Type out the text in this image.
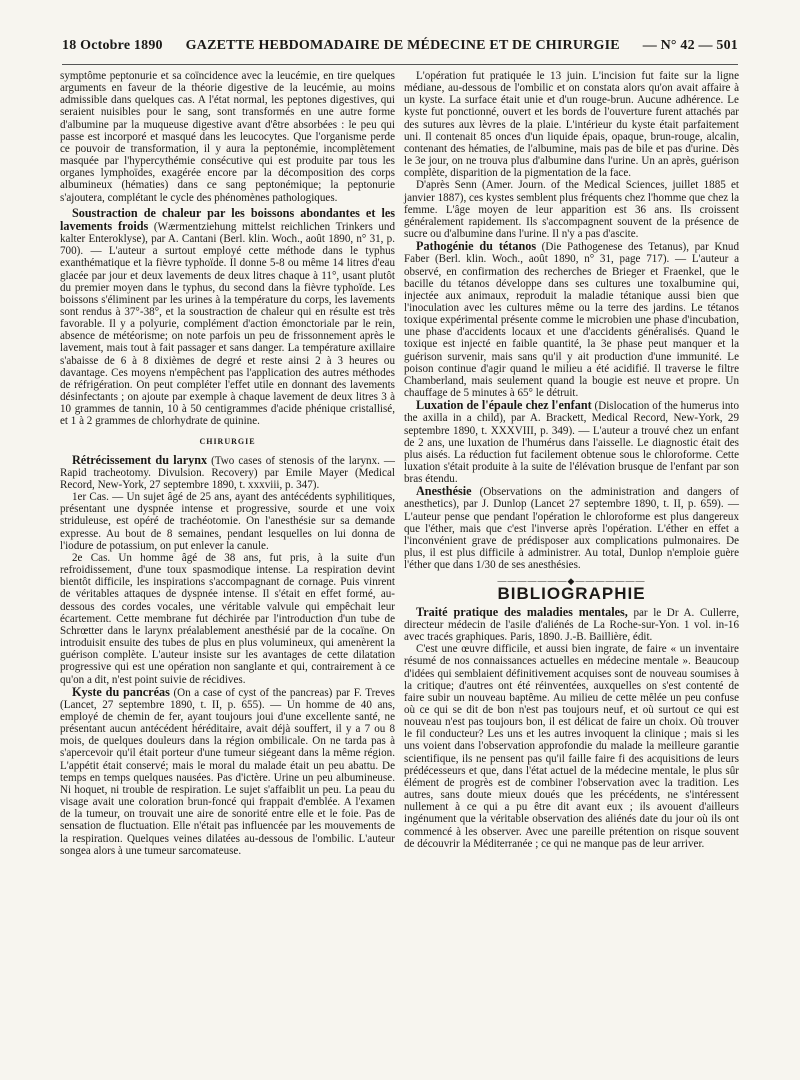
18 Octobre 1890 GAZETTE HEBDOMADAIRE DE MÉDECINE ET DE CHIRURGIE — N° 42 — 501

symptôme peptonurie et sa coïncidence avec la leucémie, en tire quelques arguments en faveur de la théorie digestive de la leucémie, au moins admissible dans quelques cas. A l'état normal, les peptones digestives, qui seraient nuisibles pour le sang, sont transformés en une autre forme d'albumine par la muqueuse digestive avant d'être absorbées : le peu qui passe est incorporé et masqué dans les leucocytes. Que l'organisme perde ce pouvoir de transformation, il y aura la peptonémie, incomplètement masquée par l'hypercythémie consécutive qui est produite par tous les organes lymphoïdes, exagérée encore par la décomposition des corps albumineux (hématies) dans ce sang peptonémique; la peptonurie s'ajoutera, complétant le cycle des phénomènes pathologiques.

Soustraction de chaleur par les boissons abondantes et les lavements froids (Wærmentziehung mittelst reichlichen Trinkers und kalter Enteroklyse), par A. Cantani (Berl. klin. Woch., août 1890, n° 31, p. 700). — L'auteur a surtout employé cette méthode dans le typhus exanthématique et la fièvre typhoïde. Il donne 5-8 ou même 14 litres d'eau glacée par jour et deux lavements de deux litres chaque à 11°, usant plutôt du premier moyen dans le typhus, du second dans la fièvre typhoïde. Les boissons s'éliminent par les urines à la température du corps, les lavements sont rendus à 37°-38°, et la soustraction de chaleur qui en résulte est très favorable. Il y a polyurie, complément d'action émonctoriale par le rein, absence de météorisme; on note parfois un peu de frissonnement après le lavement, mais tout à fait passager et sans danger. La température axillaire s'abaisse de 6 à 8 dixièmes de degré et reste ainsi 2 à 3 heures ou davantage. Ces moyens n'empêchent pas l'application des autres méthodes de réfrigération. On peut compléter l'effet utile en donnant des lavements désinfectants ; on ajoute par exemple à chaque lavement de deux litres 3 à 10 grammes de tannin, 10 à 50 centigrammes d'acide phénique cristallisé, et 1 à 2 grammes de chlorhydrate de quinine.

CHIRURGIE

Rétrécissement du larynx (Two cases of stenosis of the larynx. — Rapid tracheotomy. Divulsion. Recovery) par Emile Mayer (Medical Record, New-York, 27 septembre 1890, t. xxxviii, p. 347).

1er Cas. — Un sujet âgé de 25 ans, ayant des antécédents syphilitiques, présentant une dyspnée intense et progressive, sourde et une voix striduleuse, est opéré de trachéotomie. On l'anesthésie sur sa demande expresse. Au bout de 8 semaines, pendant lesquelles on lui donna de l'iodure de potassium, on put enlever la canule.

2e Cas. Un homme âgé de 38 ans, fut pris, à la suite d'un refroidissement, d'une toux spasmodique intense. La respiration devint bientôt difficile, les inspirations s'accompagnant de cornage. Puis vinrent de véritables attaques de dyspnée intense. Il s'était en effet formé, au-dessous des cordes vocales, une véritable valvule qui empêchait leur écartement. Cette membrane fut déchirée par l'introduction d'un tube de Schrœtter dans le larynx préalablement anesthésié par de la cocaïne. On introduisit ensuite des tubes de plus en plus volumineux, qui amenèrent la guérison complète. L'auteur insiste sur les avantages de cette dilatation progressive qui est une opération non sanglante et qui, contrairement à ce qu'on a dit, n'est point suivie de récidives.

Kyste du pancréas (On a case of cyst of the pancreas) par F. Treves (Lancet, 27 septembre 1890, t. II, p. 655). — Un homme de 40 ans, employé de chemin de fer, ayant toujours joui d'une excellente santé, ne présentant aucun antécédent héréditaire, avait déjà souffert, il y a 7 ou 8 mois, de quelques douleurs dans la région ombilicale. On ne tarda pas à s'apercevoir qu'il était porteur d'une tumeur siégeant dans la même région. L'appétit était conservé; mais le moral du malade était un peu abattu. De temps en temps quelques nausées. Pas d'ictère. Urine un peu albumineuse. Ni hoquet, ni trouble de respiration. Le sujet s'affaiblit un peu. La peau du visage avait une coloration brun-foncé qui frappait d'emblée. A l'examen de la tumeur, on trouvait une aire de sonorité entre elle et le foie. Pas de sensation de fluctuation. Elle n'était pas influencée par les mouvements de la respiration. Quelques veines dilatées au-dessous de l'ombilic. L'auteur songea alors à une tumeur sarcomateuse.

L'opération fut pratiquée le 13 juin. L'incision fut faite sur la ligne médiane, au-dessous de l'ombilic et on constata alors qu'on avait affaire à un kyste. La surface était unie et d'un rouge-brun. Aucune adhérence. Le kyste fut ponctionné, ouvert et les bords de l'ouverture furent attachés par des sutures aux lèvres de la plaie. L'intérieur du kyste était parfaitement uni. Il contenait 85 onces d'un liquide épais, opaque, brun-rouge, alcalin, contenant des hématies, de l'albumine, mais pas de bile et pas d'urine. Dès le 3e jour, on ne trouva plus d'albumine dans l'urine. Un an après, guérison complète, disparition de la pigmentation de la face.

D'après Senn (Amer. Journ. of the Medical Sciences, juillet 1885 et janvier 1887), ces kystes semblent plus fréquents chez l'homme que chez la femme. L'âge moyen de leur apparition est 36 ans. Ils croissent généralement rapidement. Ils s'accompagnent souvent de la présence de sucre ou d'albumine dans l'urine. Il n'y a pas d'ascite.

Pathogénie du tétanos (Die Pathogenese des Tetanus), par Knud Faber (Berl. klin. Woch., août 1890, n° 31, page 717). — L'auteur a observé, en confirmation des recherches de Brieger et Fraenkel, que le bacille du tétanos développe dans ses cultures une toxalbumine qui, injectée aux animaux, reproduit la maladie tétanique aussi bien que l'inoculation avec les cultures même ou la terre des jardins. Le tétanos toxique expérimental présente comme le microbien une phase d'incubation, une phase d'accidents locaux et une d'accidents généralisés. Quand le toxique est injecté en faible quantité, la 3e phase peut manquer et la guérison survenir, mais sans qu'il y ait production d'une immunité. Le poison continue d'agir quand le milieu a été acidifié. Il traverse le filtre Chamberland, mais seulement quand la bougie est neuve et propre. Un chauffage de 5 minutes à 65° le détruit.

Luxation de l'épaule chez l'enfant (Dislocation of the humerus into the axilla in a child), par A. Brackett, Medical Record, New-York, 29 septembre 1890, t. XXXVIII, p. 349). — L'auteur a trouvé chez un enfant de 2 ans, une luxation de l'humérus dans l'aisselle. Le diagnostic était des plus aisés. La réduction fut facilement obtenue sous le chloroforme. Cette luxation s'était produite à la suite de l'élévation brusque de l'enfant par son bras étendu.

Anesthésie (Observations on the administration and dangers of anesthetics), par J. Dunlop (Lancet 27 septembre 1890, t. II, p. 659). — L'auteur pense que pendant l'opération le chloroforme est plus dangereux que l'éther, mais que c'est l'inverse après l'opération. L'éther en effet a l'inconvénient grave de prédisposer aux complications pulmonaires. De plus, il est plus difficile à administrer. Au total, Dunlop n'emploie guère l'éther que dans 1/30 de ses anesthésies.

———————◆———————
BIBLIOGRAPHIE

Traité pratique des maladies mentales, par le Dr A. Cullerre, directeur médecin de l'asile d'aliénés de La Roche-sur-Yon. 1 vol. in-16 avec tracés graphiques. Paris, 1890. J.-B. Baillière, édit.

C'est une œuvre difficile, et aussi bien ingrate, de faire « un inventaire résumé de nos connaissances actuelles en médecine mentale ». Beaucoup d'idées qui semblaient définitivement acquises sont de nouveau soumises à la critique; d'autres ont été réinventées, auxquelles on s'est contenté de faire subir un nouveau baptême. Au milieu de cette mêlée un peu confuse où ce qui se dit de bon n'est pas toujours neuf, et où surtout ce qui est nouveau n'est pas toujours bon, il est délicat de faire un choix. Où trouver le fil conducteur? Les uns et les autres invoquent la clinique ; mais si les uns voient dans l'observation approfondie du malade la meilleure garantie scientifique, ils ne pensent pas qu'il faille faire fi des acquisitions de leurs prédécesseurs et que, dans l'état actuel de la médecine mentale, le plus sûr élément de progrès est de combiner l'observation avec la tradition. Les autres, sans doute mieux doués que les précédents, ne s'intéressent nullement à ce qui a pu être dit avant eux ; ils avouent d'ailleurs ingénument que la véritable observation des aliénés date du jour où ils ont commencé à les observer. Avec une pareille prétention on risque souvent de découvrir la Méditerranée ; ce qui ne manque pas de leur arriver.
